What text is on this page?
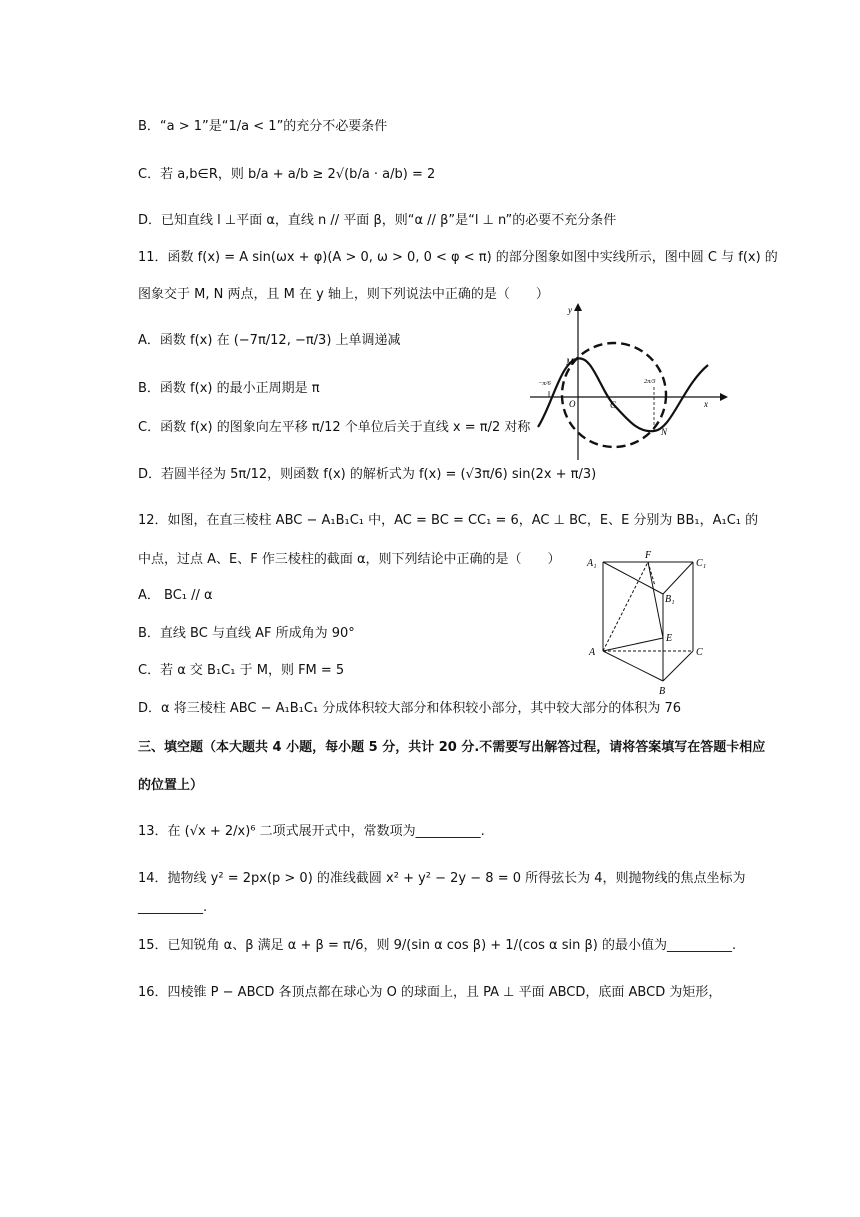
B．“a > 1”是“1/a < 1”的充分不必要条件
C．若 a,b∈R，则 b/a + a/b ≥ 2√(b/a · a/b) = 2
D．已知直线 l ⊥平面 α，直线 n // 平面 β，则“α // β”是“l ⊥ n”的必要不充分条件
11．函数 f(x) = A sin(ωx + φ)(A > 0, ω > 0, 0 < φ < π) 的部分图象如图中实线所示，图中圆 C 与 f(x) 的
图象交于 M, N 两点，且 M 在 y 轴上，则下列说法中正确的是（　　）
A．函数 f(x) 在 (−7π/12, −π/3) 上单调递减
B．函数 f(x) 的最小正周期是 π
C．函数 f(x) 的图象向左平移 π/12 个单位后关于直线 x = π/2 对称
D．若圆半径为 5π/12，则函数 f(x) 的解析式为 f(x) = (√3π/6) sin(2x + π/3)
12．如图，在直三棱柱 ABC − A₁B₁C₁ 中，AC = BC = CC₁ = 6，AC ⊥ BC，E、E 分别为 BB₁，A₁C₁ 的
中点，过点 A、E、F 作三棱柱的截面 α，则下列结论中正确的是（　　）
A． BC₁ // α
B．直线 BC 与直线 AF 所成角为 90°
C．若 α 交 B₁C₁ 于 M，则 FM = 5
D．α 将三棱柱 ABC − A₁B₁C₁ 分成体积较大部分和体积较小部分，其中较大部分的体积为 76
三、填空题（本大题共 4 小题，每小题 5 分，共计 20 分.不需要写出解答过程，请将答案填写在答题卡相应
的位置上）
13．在 (√x + 2/x)⁶ 二项式展开式中，常数项为__________.
14．抛物线 y² = 2px(p > 0) 的准线截圆 x² + y² − 2y − 8 = 0 所得弦长为 4，则抛物线的焦点坐标为
__________.
15．已知锐角 α、β 满足 α + β = π/6，则 9/(sin α cos β) + 1/(cos α sin β) 的最小值为__________.
16．四棱锥 P − ABCD 各顶点都在球心为 O 的球面上，且 PA ⊥ 平面 ABCD，底面 ABCD 为矩形，
y
x
M
O	C
N
−π/6	2π/3
A₁
F
C₁
B₁
E
A	C
B
